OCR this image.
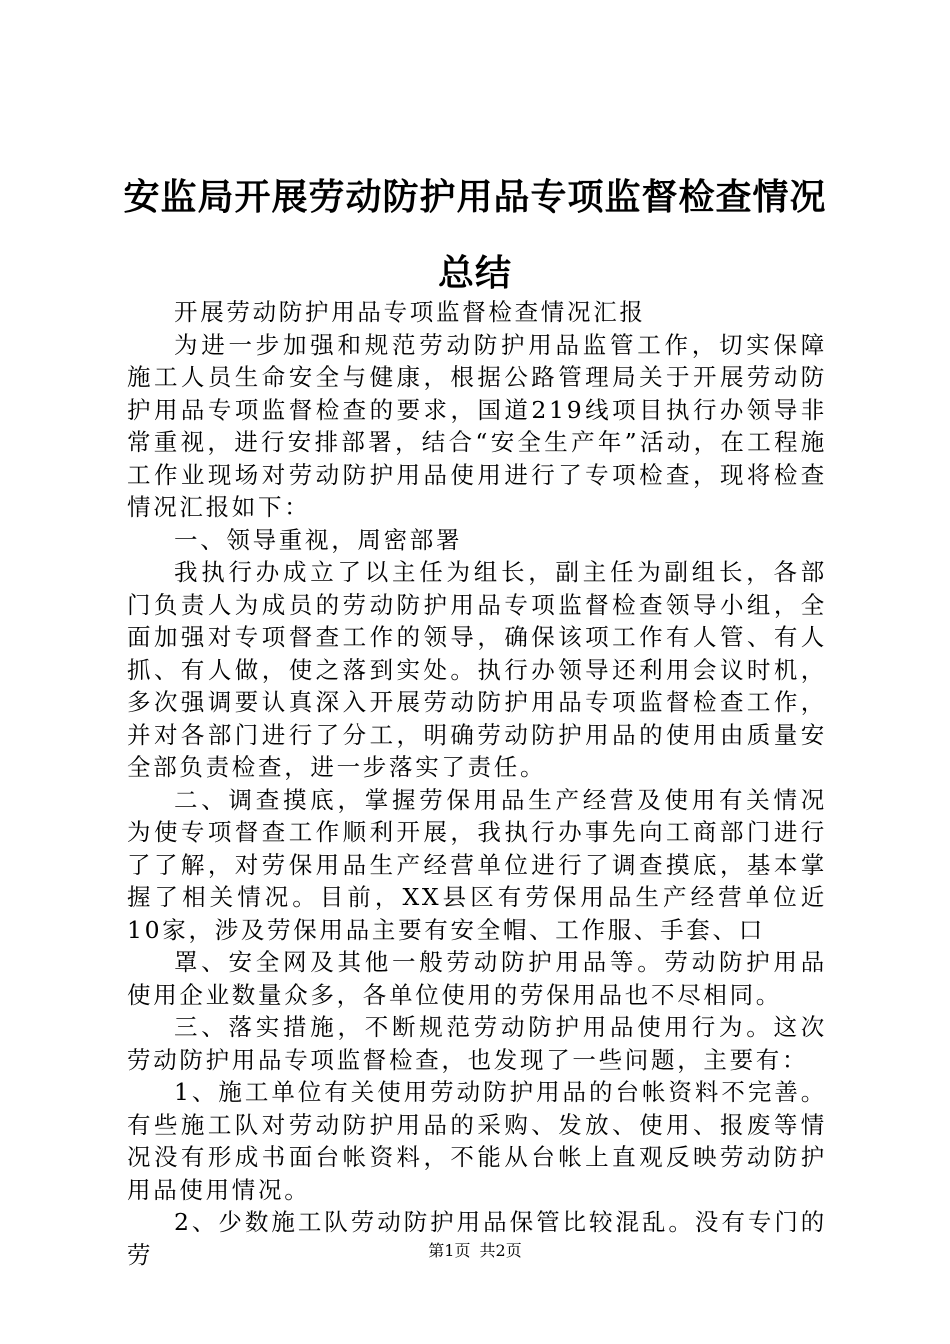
安监局开展劳动防护用品专项监督检查情况总结

开展劳动防护用品专项监督检查情况汇报

为进一步加强和规范劳动防护用品监管工作，切实保障施工人员生命安全与健康，根据公路管理局关于开展劳动防护用品专项监督检查的要求，国道219线项目执行办领导非常重视，进行安排部署，结合“安全生产年”活动，在工程施工作业现场对劳动防护用品使用进行了专项检查，现将检查情况汇报如下：

一、领导重视，周密部署

我执行办成立了以主任为组长，副主任为副组长，各部门负责人为成员的劳动防护用品专项监督检查领导小组，全面加强对专项督查工作的领导，确保该项工作有人管、有人抓、有人做，使之落到实处。执行办领导还利用会议时机，多次强调要认真深入开展劳动防护用品专项监督检查工作，并对各部门进行了分工，明确劳动防护用品的使用由质量安全部负责检查，进一步落实了责任。

二、调查摸底，掌握劳保用品生产经营及使用有关情况为使专项督查工作顺利开展，我执行办事先向工商部门进行了了解，对劳保用品生产经营单位进行了调查摸底，基本掌握了相关情况。目前，XX县区有劳保用品生产经营单位近10家，涉及劳保用品主要有安全帽、工作服、手套、口

罩、安全网及其他一般劳动防护用品等。劳动防护用品使用企业数量众多，各单位使用的劳保用品也不尽相同。

三、落实措施，不断规范劳动防护用品使用行为。这次劳动防护用品专项监督检查，也发现了一些问题，主要有：

1、施工单位有关使用劳动防护用品的台帐资料不完善。有些施工队对劳动防护用品的采购、发放、使用、报废等情况没有形成书面台帐资料，不能从台帐上直观反映劳动防护用品使用情况。

2、少数施工队劳动防护用品保管比较混乱。没有专门的劳	第1页 共2页
